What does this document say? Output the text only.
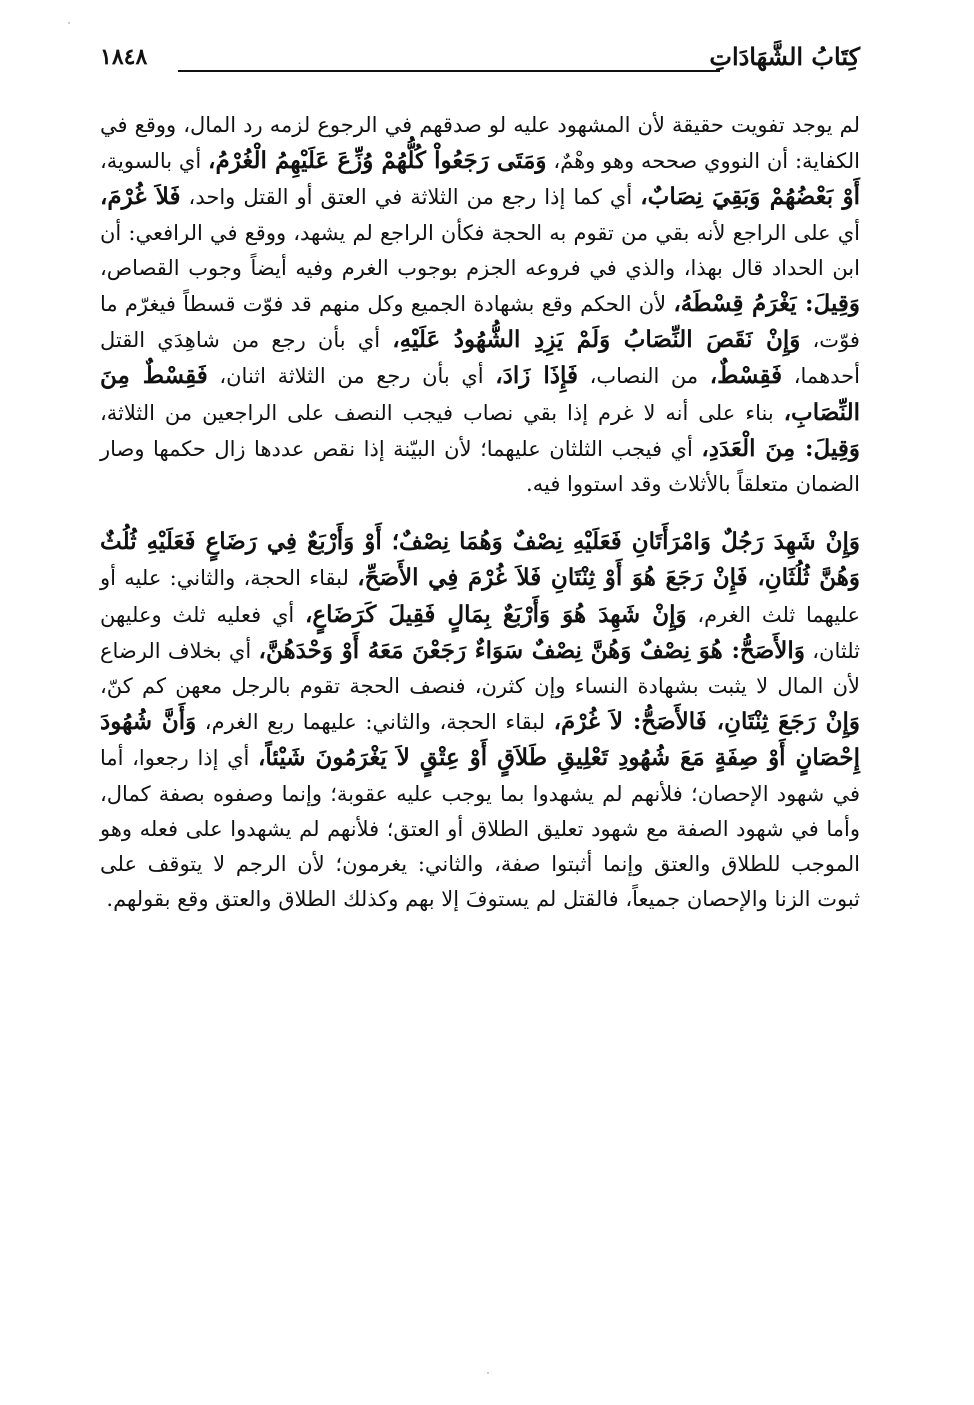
كِتَابُ الشَّهَادَاتِ
١٨٤٨

لم يوجد تفويت حقيقة لأن المشهود عليه لو صدقهم في الرجوع لزمه رد المال، ووقع في الكفاية: أن النووي صححه وهو وهْمٌ، وَمَتَى رَجَعُواْ كُلُّهُمْ وُزِّعَ عَلَيْهِمُ الْغُرْمُ، أي بالسوية، أَوْ بَعْضُهُمْ وَبَقِيَ نِصَابٌ، أي كما إذا رجع من الثلاثة في العتق أو القتل واحد، فَلاَ غُرْمَ، أي على الراجع لأنه بقي من تقوم به الحجة فكأن الراجع لم يشهد، ووقع في الرافعي: أن ابن الحداد قال بهذا، والذي في فروعه الجزم بوجوب الغرم وفيه أيضاً وجوب القصاص، وَقِيلَ: يَغْرَمُ قِسْطَهُ، لأن الحكم وقع بشهادة الجميع وكل منهم قد فوّت قسطاً فيغرّم ما فوّت، وَإِنْ نَقَصَ النِّصَابُ وَلَمْ يَزِدِ الشُّهُودُ عَلَيْهِ، أي بأن رجع من شاهِدَي القتل أحدهما، فَقِسْطٌ، من النصاب، فَإِذَا زَادَ، أي بأن رجع من الثلاثة اثنان، فَقِسْطٌ مِنَ النِّصَابِ، بناء على أنه لا غرم إذا بقي نصاب فيجب النصف على الراجعين من الثلاثة، وَقِيلَ: مِنَ الْعَدَدِ، أي فيجب الثلثان عليهما؛ لأن البيّنة إذا نقص عددها زال حكمها وصار الضمان متعلقاً بالأثلاث وقد استووا فيه.

وَإِنْ شَهِدَ رَجُلٌ وَامْرَأَتَانِ فَعَلَيْهِ نِصْفٌ وَهُمَا نِصْفٌ؛ أَوْ وَأَرْبَعٌ فِي رَضَاعٍ فَعَلَيْهِ ثُلُثٌ وَهُنَّ ثُلُثَانِ، فَإِنْ رَجَعَ هُوَ أَوْ ثِنْتَانِ فَلاَ غُرْمَ فِي الأَصَحِّ، لبقاء الحجة، والثاني: عليه أو عليهما ثلث الغرم، وَإِنْ شَهِدَ هُوَ وَأَرْبَعٌ بِمَالٍ فَقِيلَ كَرَضَاعٍ، أي فعليه ثلث وعليهن ثلثان، وَالأَصَحُّ: هُوَ نِصْفٌ وَهُنَّ نِصْفٌ سَوَاءٌ رَجَعْنَ مَعَهُ أَوْ وَحْدَهُنَّ، أي بخلاف الرضاع لأن المال لا يثبت بشهادة النساء وإن كثرن، فنصف الحجة تقوم بالرجل معهن كم كنّ، وَإِنْ رَجَعَ ثِنْتَانِ، فَالأَصَحُّ: لاَ غُرْمَ، لبقاء الحجة، والثاني: عليهما ربع الغرم، وَأَنَّ شُهُودَ إِحْصَانٍ أَوْ صِفَةٍ مَعَ شُهُودِ تَعْلِيقِ طَلاَقٍ أَوْ عِتْقٍ لاَ يَغْرَمُونَ شَيْئاً، أي إذا رجعوا، أما في شهود الإحصان؛ فلأنهم لم يشهدوا بما يوجب عليه عقوبة؛ وإنما وصفوه بصفة كمال، وأما في شهود الصفة مع شهود تعليق الطلاق أو العتق؛ فلأنهم لم يشهدوا على فعله وهو الموجب للطلاق والعتق وإنما أثبتوا صفة، والثاني: يغرمون؛ لأن الرجم لا يتوقف على ثبوت الزنا والإحصان جميعاً، فالقتل لم يستوفَ إلا بهم وكذلك الطلاق والعتق وقع بقولهم.
